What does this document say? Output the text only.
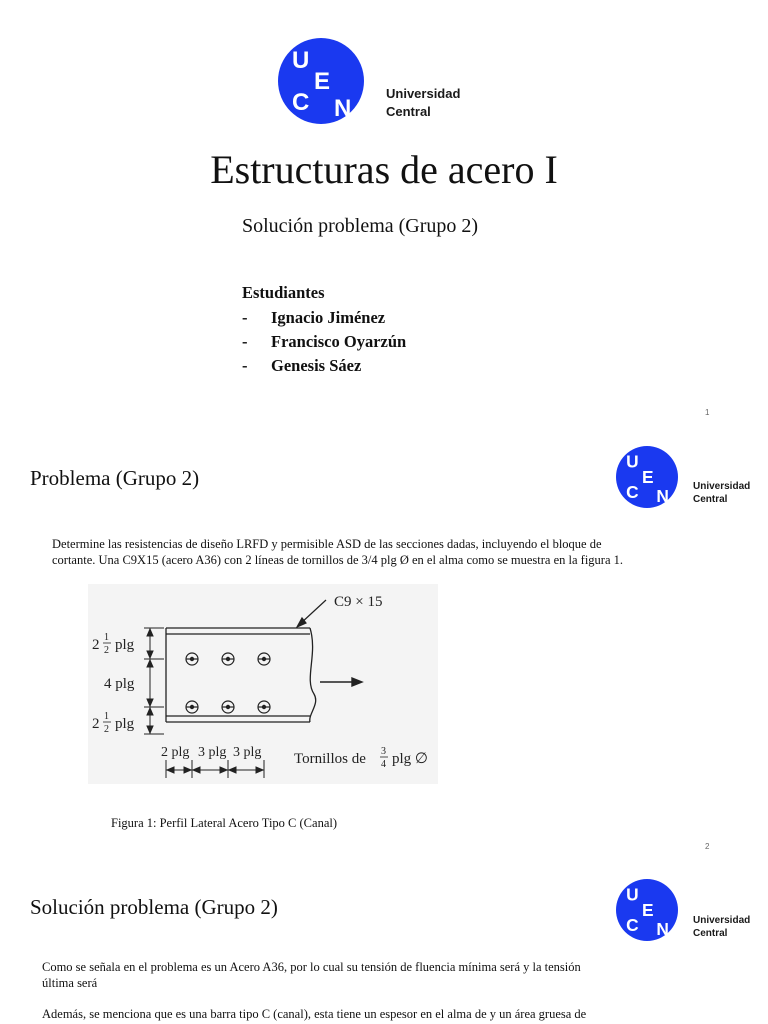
U
C
E
N
Universidad
Central
Estructuras de acero I
Solución problema (Grupo 2)
Estudiantes
- Ignacio Jiménez
- Francisco Oyarzún
- Genesis Sáez
1
Problema (Grupo 2)
U
C
E
N Universidad
Central
Determine las resistencias de diseño LRFD y permisible ASD de las secciones dadas, incluyendo el bloque de
cortante. Una C9X15 (acero A36) con 2 líneas de tornillos de 3/4 plg Ø en el alma como se muestra en la figura 1.
C9 × 15
2 1
2 plg
4 plg
2 1
2 plg
2 plg 3 plg 3 plg Tornillos de 3
4 plg ∅
Figura 1: Perfil Lateral Acero Tipo C (Canal)
2
Solución problema (Grupo 2)
U
C
E
N Universidad
Central
Como se señala en el problema es un Acero A36, por lo cual su tensión de fluencia mínima será y la tensión
última será
Además, se menciona que es una barra tipo C (canal), esta tiene un espesor en el alma de y un área gruesa de
